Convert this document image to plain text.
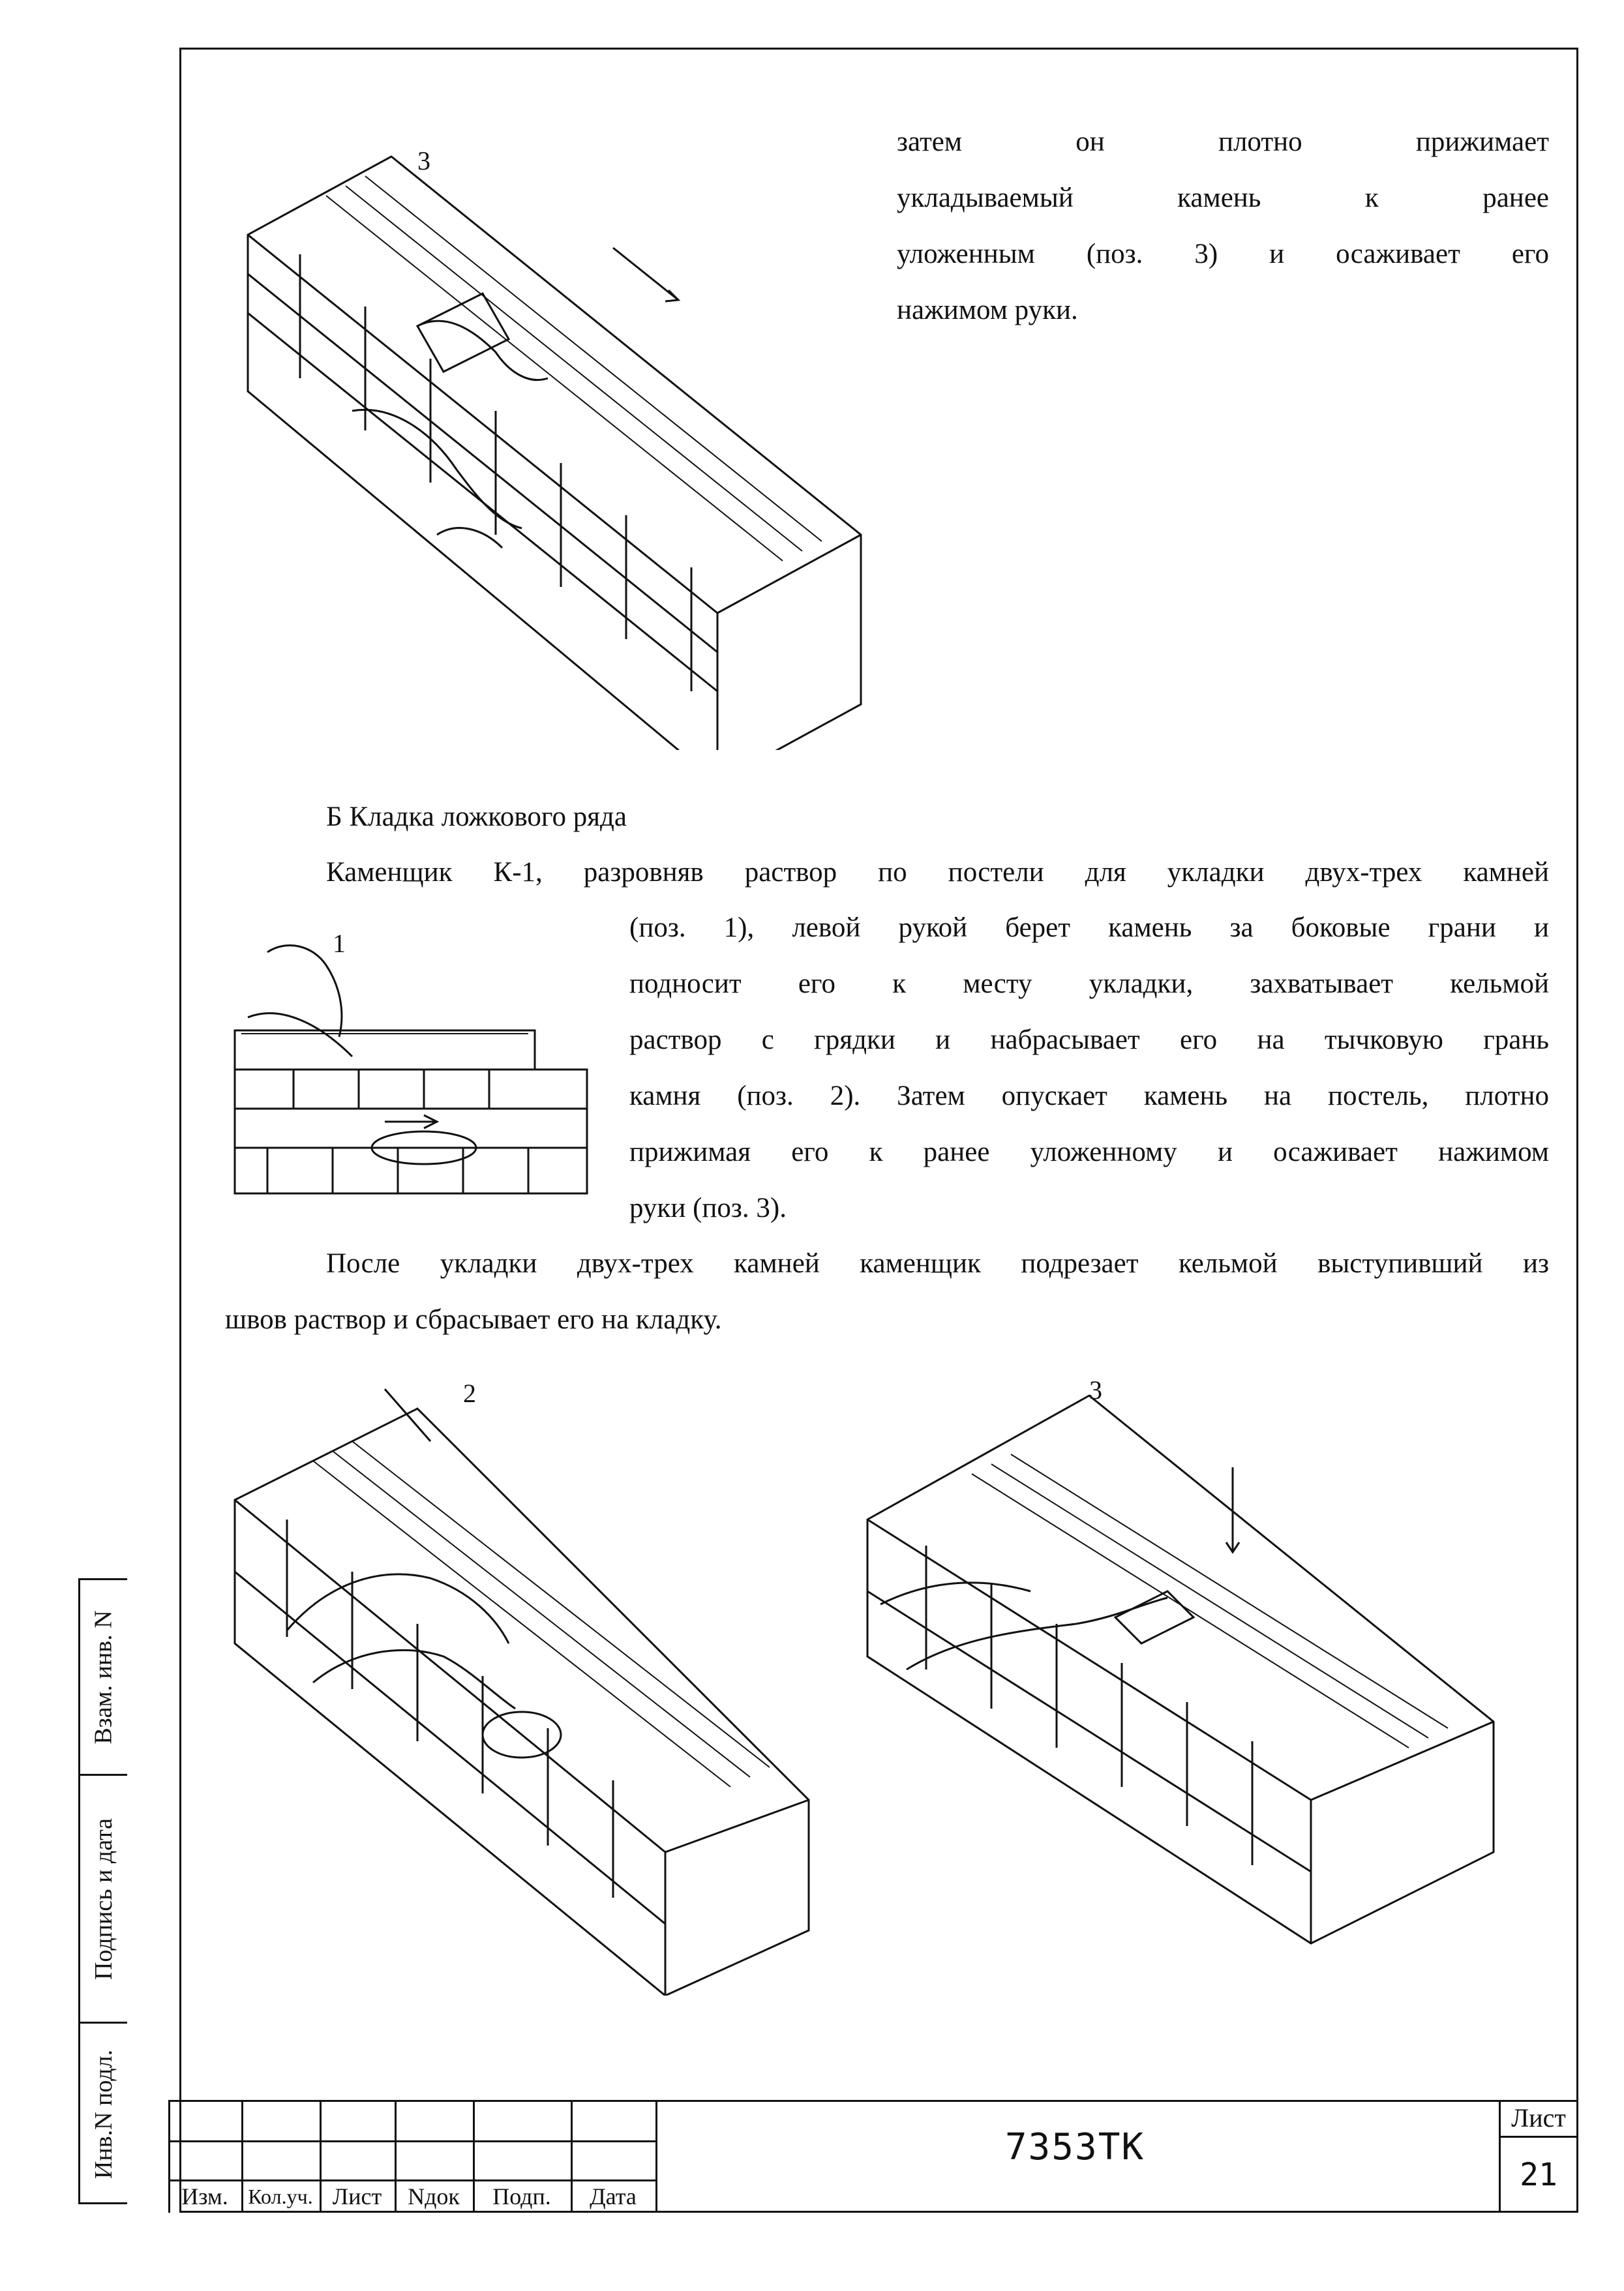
3

затем он плотно прижимает

укладываемый камень к ранее

уложенным (поз. 3) и осаживает его

нажимом руки.

Б Кладка ложкового ряда

Каменщик К-1, разровняв раствор по постели для укладки двух-трех камней

1

(поз. 1), левой рукой берет камень за боковые грани и

подносит его к месту укладки, захватывает кельмой

раствор с грядки и набрасывает его на тычковую грань

камня (поз. 2). Затем опускает камень на постель, плотно

прижимая его к ранее уложенному и осаживает нажимом

руки (поз. 3).

После укладки двух-трех камней каменщик подрезает кельмой выступивший из

швов раствор и сбрасывает его на кладку.

2	3
Взам. инв. N
Подпись и дата
Инв.N подл.
Изм. Кол.уч. Лист	Nдок	Подп.	Дата
7353ТК
Лист
21
